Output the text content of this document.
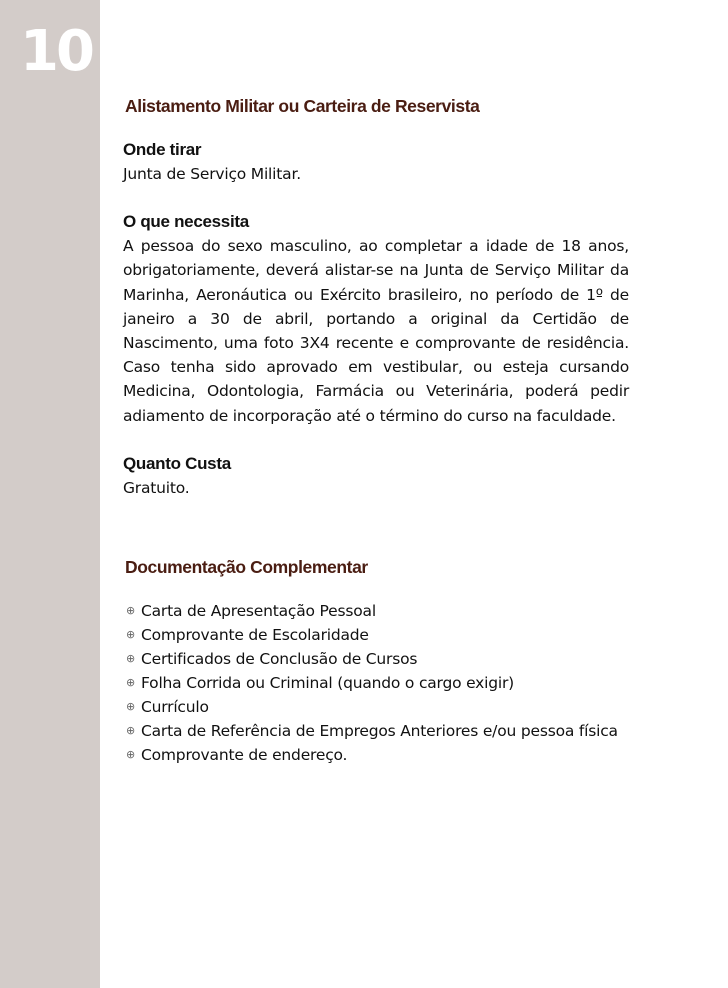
10
Alistamento Militar ou Carteira de Reservista
Onde tirar

Junta de Serviço Militar.

O que necessita

A pessoa do sexo masculino, ao completar a idade de 18 anos, obrigatoriamente, deverá alistar-se na Junta de Serviço Militar da Marinha, Aeronáutica ou Exército brasileiro, no período de 1º de janeiro a 30 de abril, portando a original da Certidão de Nascimento, uma foto 3X4 recente e comprovante de residência. Caso tenha sido aprovado em vestibular, ou esteja cursando Medicina, Odontologia, Farmácia ou Veterinária, poderá pedir adiamento de incorporação até o término do curso na faculdade.

Quanto Custa

Gratuito.

Documentação Complementar
⊕ Carta de Apresentação Pessoal
⊕ Comprovante de Escolaridade
⊕ Certificados de Conclusão de Cursos
⊕ Folha Corrida ou Criminal (quando o cargo exigir)
⊕ Currículo
⊕ Carta de Referência de Empregos Anteriores e/ou pessoa física
⊕ Comprovante de endereço.
